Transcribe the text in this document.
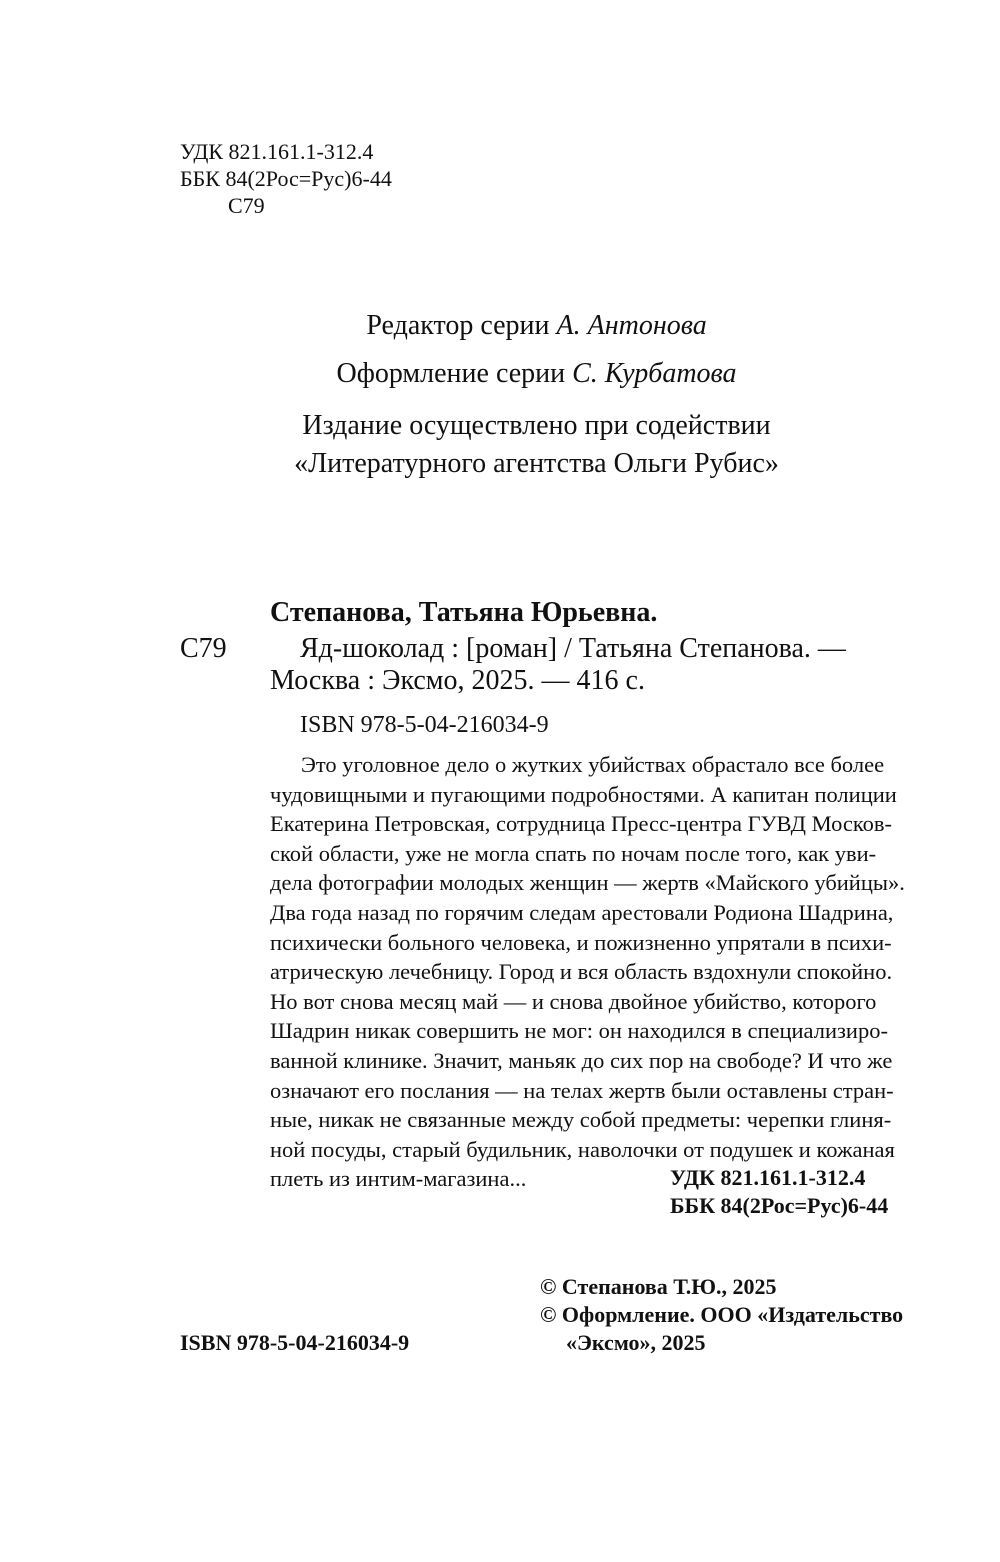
УДК 821.161.1-312.4
ББК 84(2Рос=Рус)6-44
С79
Редактор серии А. Антонова
Оформление серии С. Курбатова
Издание осуществлено при содействии
«Литературного агентства Ольги Рубис»
Степанова, Татьяна Юрьевна.
С79	Яд-шоколад : [роман] / Татьяна Степанова. —
Москва : Эксмо, 2025. — 416 с.
ISBN 978-5-04-216034-9
Это уголовное дело о жутких убийствах обрастало все более
чудовищными и пугающими подробностями. А капитан полиции
Екатерина Петровская, сотрудница Пресс-центра ГУВД Москов-
ской области, уже не могла спать по ночам после того, как уви-
дела фотографии молодых женщин — жертв «Майского убийцы».
Два года назад по горячим следам арестовали Родиона Шадрина,
психически больного человека, и пожизненно упрятали в психи-
атрическую лечебницу. Город и вся область вздохнули спокойно.
Но вот снова месяц май — и снова двойное убийство, которого
Шадрин никак совершить не мог: он находился в специализиро-
ванной клинике. Значит, маньяк до сих пор на свободе? И что же
означают его послания — на телах жертв были оставлены стран-
ные, никак не связанные между собой предметы: черепки глиня-
ной посуды, старый будильник, наволочки от подушек и кожаная
плеть из интим-магазина...	УДК 821.161.1-312.4
ББК 84(2Рос=Рус)6-44
© Степанова Т.Ю., 2025
© Оформление. ООО «Издательство
«Эксмо», 2025
ISBN 978-5-04-216034-9
